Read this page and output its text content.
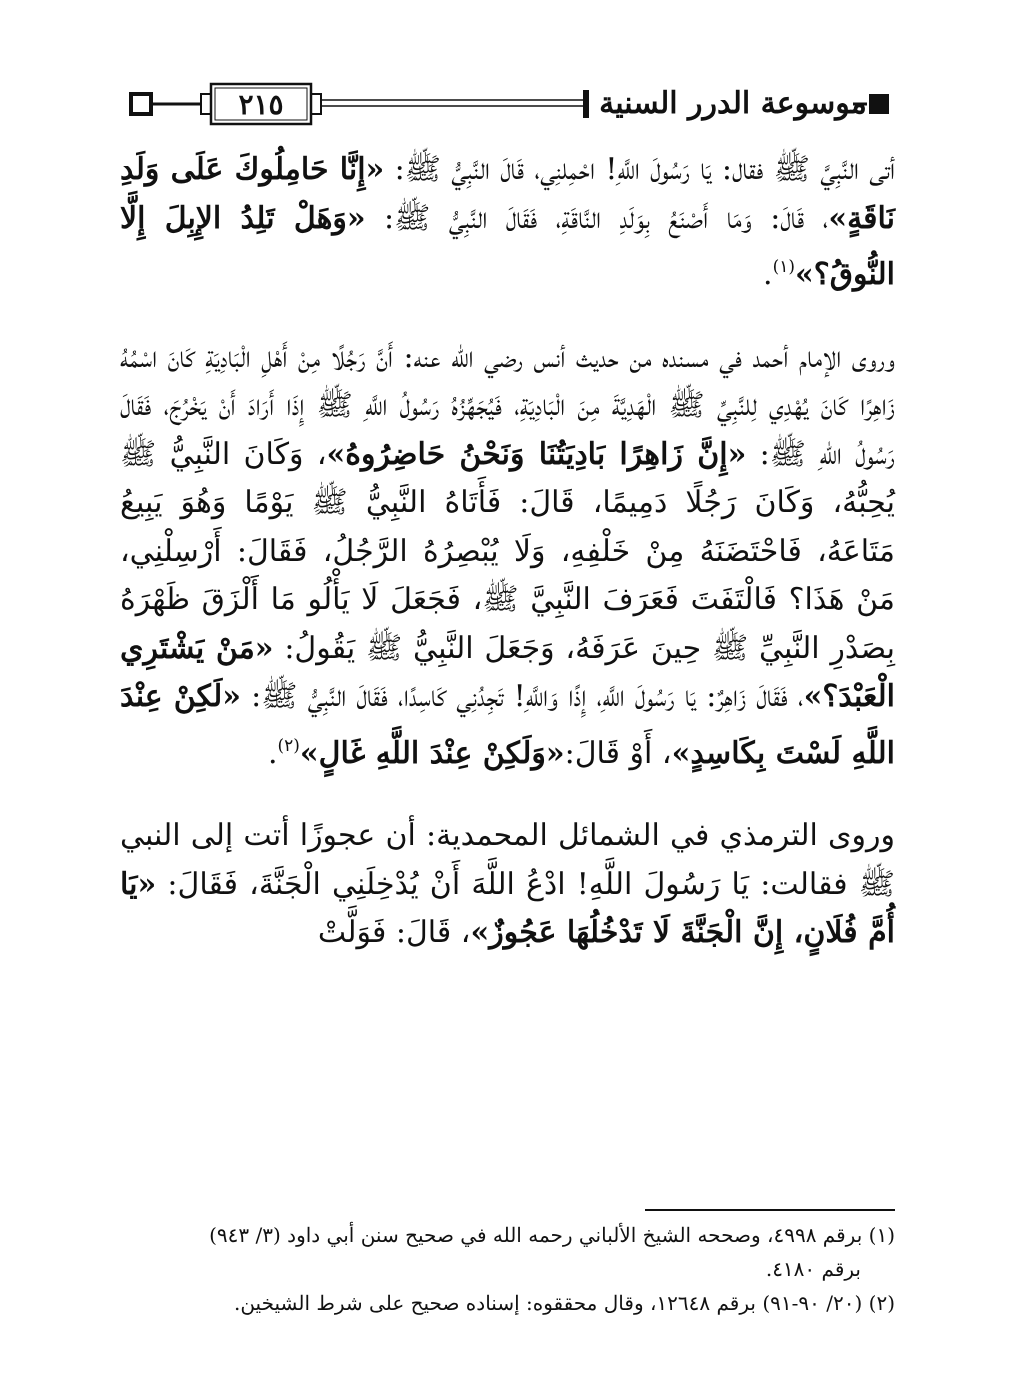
٢١٥	موسوعة الدرر السنية

أتى النَّبِيَّ ﷺ فقال: يَا رَسُولَ اللَّهِ! احْمِلنِي، قَالَ النَّبِيُّ ﷺ: «إِنَّا حَامِلُوكَ عَلَى وَلَدِ نَاقَةٍ»، قَالَ: وَمَا أَصْنَعُ بِوَلَدِ النَّاقَةِ، فَقَالَ النَّبِيُّ ﷺ: «وَهَلْ تَلِدُ الإِبِلَ إِلَّا النُّوقُ؟»$^{(١)}$.

وروى الإمام أحمد في مسنده من حديث أنس رضي الله عنه: أَنَّ رَجُلًا مِنْ أَهْلِ الْبَادِيَةِ كَانَ اسْمُهُ زَاهِرًا كَانَ يُهْدِي لِلنَّبِيِّ ﷺ الْهَدِيَّةَ مِنَ الْبَادِيَةِ، فَيُجَهِّزُهُ رَسُولُ اللَّهِ ﷺ إِذَا أَرَادَ أَنْ يَخْرُجَ، فَقَالَ رَسُولُ اللهِ ﷺ: «إِنَّ زَاهِرًا بَادِيَتُنَا وَنَحْنُ حَاضِرُوهُ»، وَكَانَ النَّبِيُّ ﷺ يُحِبُّهُ، وَكَانَ رَجُلًا دَمِيمًا، قَالَ: فَأَتَاهُ النَّبِيُّ ﷺ يَوْمًا وَهُوَ يَبِيعُ مَتَاعَهُ، فَاحْتَضَنَهُ مِنْ خَلْفِهِ، وَلَا يُبْصِرُهُ الرَّجُلُ، فَقَالَ: أَرْسِلْنِي، مَنْ هَذَا؟ فَالْتَفَتَ فَعَرَفَ النَّبِيَّ ﷺ، فَجَعَلَ لَا يَأْلُو مَا أَلْزَقَ ظَهْرَهُ بِصَدْرِ النَّبِيِّ ﷺ حِينَ عَرَفَهُ، وَجَعَلَ النَّبِيُّ ﷺ يَقُولُ: «مَنْ يَشْتَرِي الْعَبْدَ؟»، فَقَالَ زَاهِرٌ: يَا رَسُولَ اللَّهِ، إِذًا وَاللَّهِ! تَجِدُنِي كَاسِدًا، فَقَالَ النَّبِيُّ ﷺ: «لَكِنْ عِنْدَ اللَّهِ لَسْتَ بِكَاسِدٍ»، أَوْ قَالَ:«وَلَكِنْ عِنْدَ اللَّهِ غَالٍ»$^{(٢)}$.

وروى الترمذي في الشمائل المحمدية: أن عجوزًا أتت إلى النبي ﷺ فقالت: يَا رَسُولَ اللَّهِ! ادْعُ اللَّهَ أَنْ يُدْخِلَنِي الْجَنَّةَ، فَقَالَ: «يَا أُمَّ فُلَانٍ، إِنَّ الْجَنَّةَ لَا تَدْخُلُهَا عَجُوزٌ»، قَالَ: فَوَلَّتْ

(١) برقم ٤٩٩٨، وصححه الشيخ الألباني رحمه الله في صحيح سنن أبي داود (٣/ ٩٤٣)

برقم ٤١٨٠.

(٢) (٢٠/ ٩٠-٩١) برقم ١٢٦٤٨، وقال محققوه: إسناده صحيح على شرط الشيخين.
